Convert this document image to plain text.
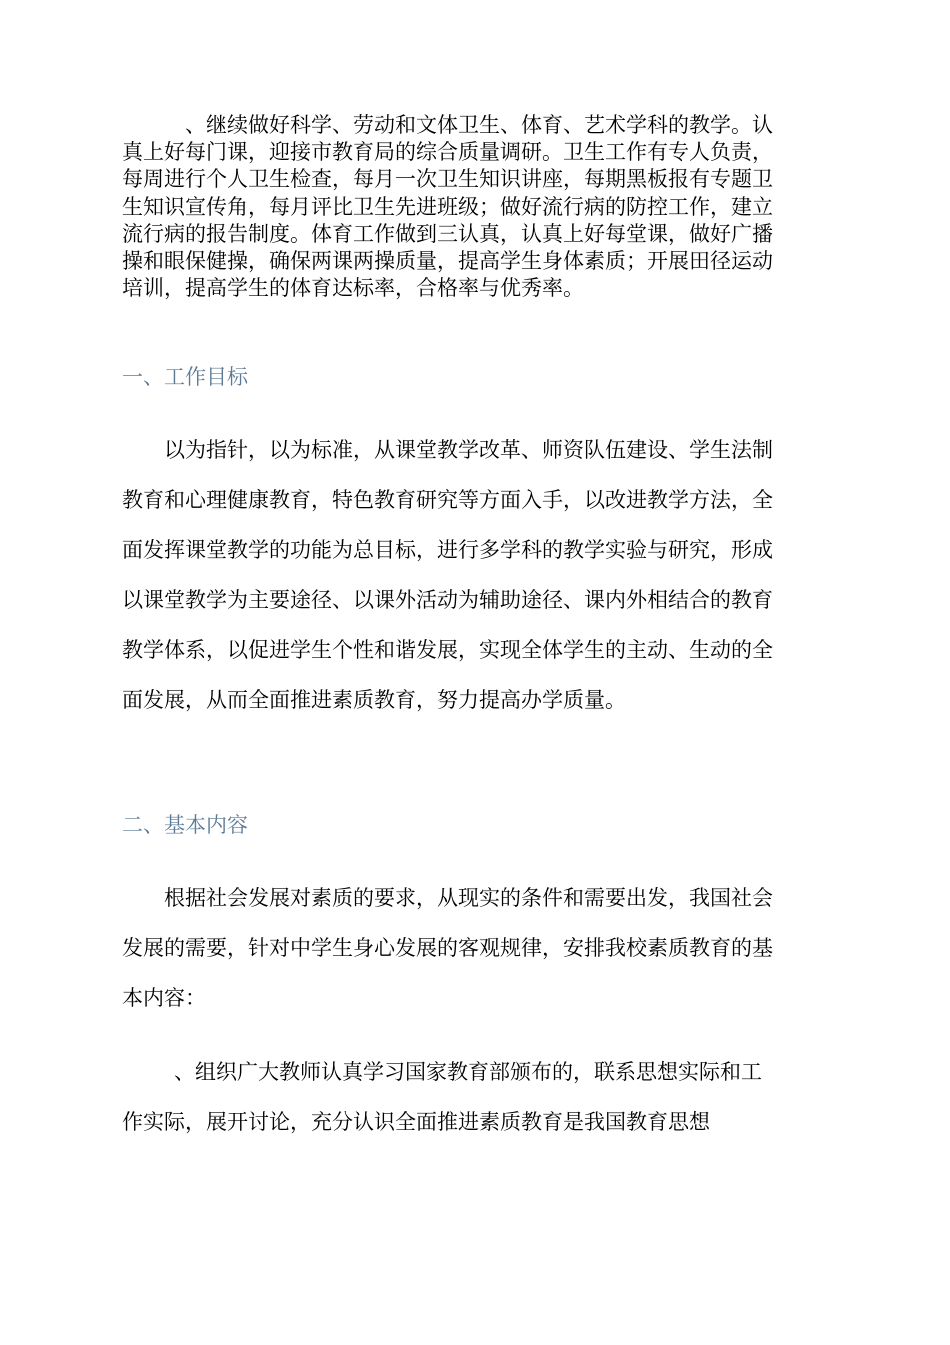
、继续做好科学、劳动和文体卫生、体育、艺术学科的教学。认真上好每门课，迎接市教育局的综合质量调研。卫生工作有专人负责，每周进行个人卫生检查，每月一次卫生知识讲座，每期黑板报有专题卫生知识宣传角，每月评比卫生先进班级；做好流行病的防控工作，建立流行病的报告制度。体育工作做到三认真，认真上好每堂课，做好广播操和眼保健操，确保两课两操质量，提高学生身体素质；开展田径运动培训，提高学生的体育达标率，合格率与优秀率。

一、工作目标

以为指针，以为标准，从课堂教学改革、师资队伍建设、学生法制教育和心理健康教育，特色教育研究等方面入手，以改进教学方法，全面发挥课堂教学的功能为总目标，进行多学科的教学实验与研究，形成以课堂教学为主要途径、以课外活动为辅助途径、课内外相结合的教育教学体系，以促进学生个性和谐发展，实现全体学生的主动、生动的全面发展，从而全面推进素质教育，努力提高办学质量。

二、基本内容

根据社会发展对素质的要求，从现实的条件和需要出发，我国社会发展的需要，针对中学生身心发展的客观规律，安排我校素质教育的基本内容：

、组织广大教师认真学习国家教育部颁布的，联系思想实际和工作实际，展开讨论，充分认识全面推进素质教育是我国教育思想
